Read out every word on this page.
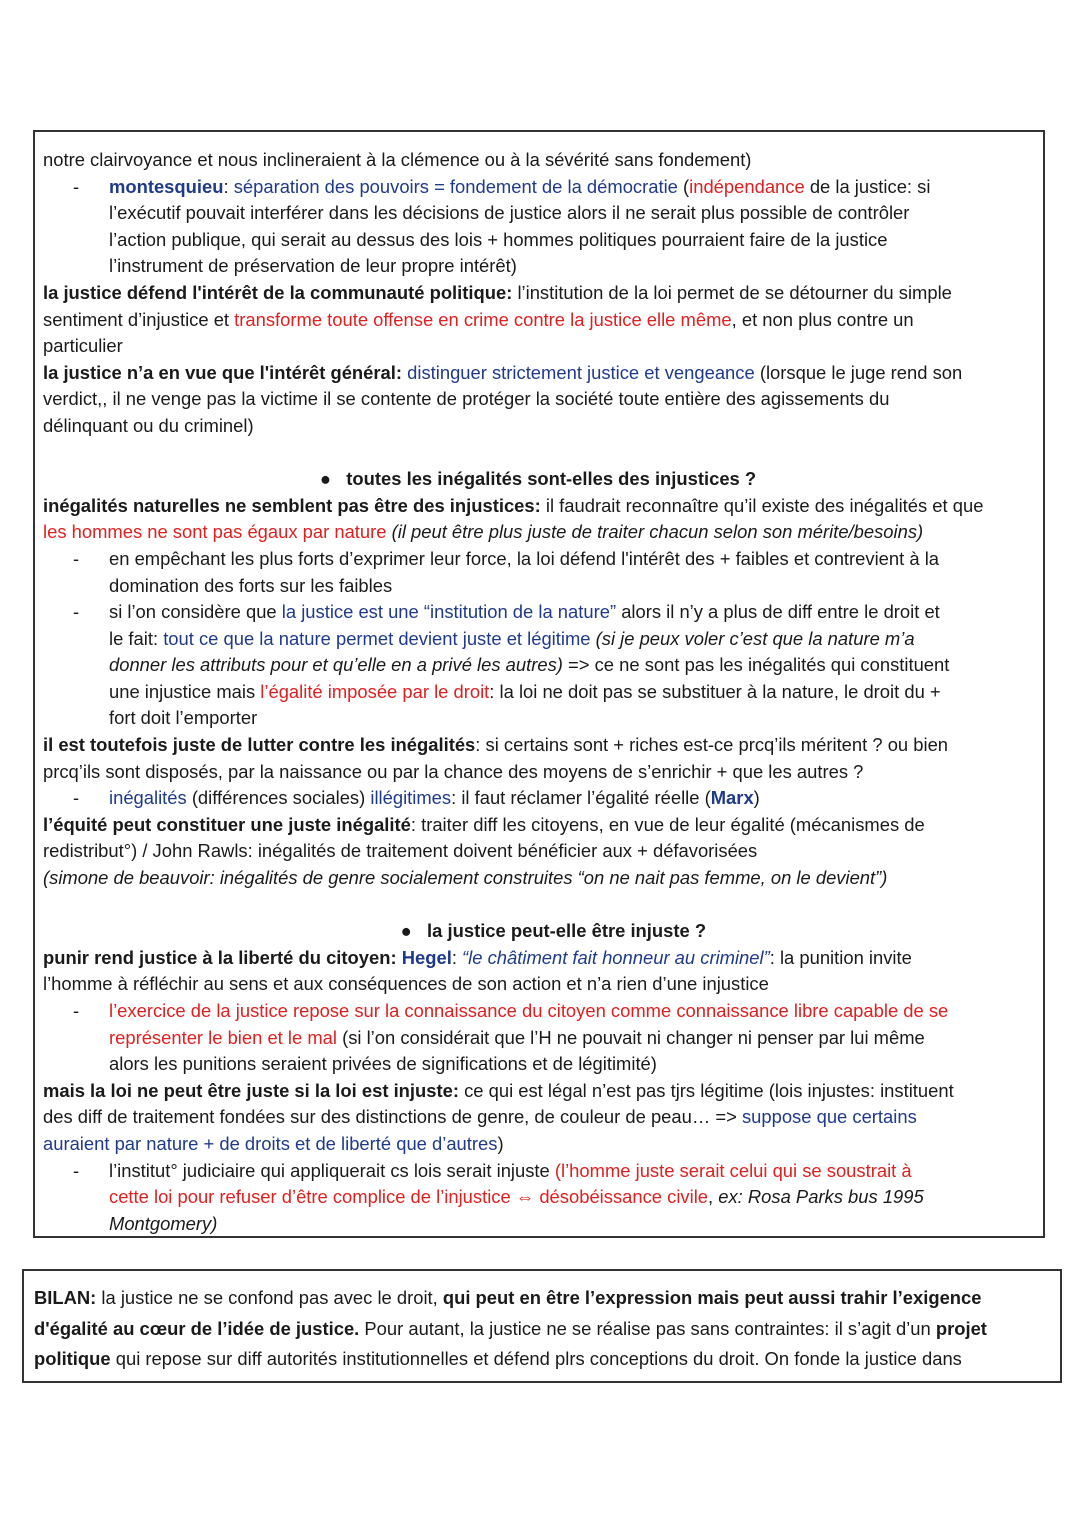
notre clairvoyance et nous inclineraient à la clémence ou à la sévérité sans fondement)
- montesquieu: séparation des pouvoirs = fondement de la démocratie (indépendance de la justice: si
l’exécutif pouvait interférer dans les décisions de justice alors il ne serait plus possible de contrôler
l’action publique, qui serait au dessus des lois + hommes politiques pourraient faire de la justice
l’instrument de préservation de leur propre intérêt)
la justice défend l'intérêt de la communauté politique: l’institution de la loi permet de se détourner du simple
sentiment d’injustice et transforme toute offense en crime contre la justice elle même, et non plus contre un
particulier
la justice n’a en vue que l'intérêt général: distinguer strictement justice et vengeance (lorsque le juge rend son
verdict,, il ne venge pas la victime il se contente de protéger la société toute entière des agissements du
délinquant ou du criminel)
● toutes les inégalités sont-elles des injustices ?
inégalités naturelles ne semblent pas être des injustices: il faudrait reconnaître qu’il existe des inégalités et que
les hommes ne sont pas égaux par nature (il peut être plus juste de traiter chacun selon son mérite/besoins)
- en empêchant les plus forts d’exprimer leur force, la loi défend l'intérêt des + faibles et contrevient à la
domination des forts sur les faibles
- si l’on considère que la justice est une “institution de la nature” alors il n’y a plus de diff entre le droit et
le fait: tout ce que la nature permet devient juste et légitime (si je peux voler c’est que la nature m’a
donner les attributs pour et qu’elle en a privé les autres) => ce ne sont pas les inégalités qui constituent
une injustice mais l’égalité imposée par le droit: la loi ne doit pas se substituer à la nature, le droit du +
fort doit l’emporter
il est toutefois juste de lutter contre les inégalités: si certains sont + riches est-ce prcq’ils méritent ? ou bien
prcq’ils sont disposés, par la naissance ou par la chance des moyens de s’enrichir + que les autres ?
- inégalités (différences sociales) illégitimes: il faut réclamer l’égalité réelle (Marx)
l’équité peut constituer une juste inégalité: traiter diff les citoyens, en vue de leur égalité (mécanismes de
redistribut°) / John Rawls: inégalités de traitement doivent bénéficier aux + défavorisées
(simone de beauvoir: inégalités de genre socialement construites “on ne nait pas femme, on le devient”)
● la justice peut-elle être injuste ?
punir rend justice à la liberté du citoyen: Hegel: “le châtiment fait honneur au criminel”: la punition invite
l’homme à réfléchir au sens et aux conséquences de son action et n’a rien d’une injustice
- l’exercice de la justice repose sur la connaissance du citoyen comme connaissance libre capable de se
représenter le bien et le mal (si l’on considérait que l’H ne pouvait ni changer ni penser par lui même
alors les punitions seraient privées de significations et de légitimité)
mais la loi ne peut être juste si la loi est injuste: ce qui est légal n’est pas tjrs légitime (lois injustes: instituent
des diff de traitement fondées sur des distinctions de genre, de couleur de peau… => suppose que certains
auraient par nature + de droits et de liberté que d’autres)
- l’institut° judiciaire qui appliquerait cs lois serait injuste (l’homme juste serait celui qui se soustrait à
cette loi pour refuser d’être complice de l’injustice ⇔ désobéissance civile, ex: Rosa Parks bus 1995
Montgomery)
BILAN: la justice ne se confond pas avec le droit, qui peut en être l’expression mais peut aussi trahir l’exigence d'égalité au cœur de l’idée de justice. Pour autant, la justice ne se réalise pas sans contraintes: il s’agit d’un projet politique qui repose sur diff autorités institutionnelles et défend plrs conceptions du droit. On fonde la justice dans
